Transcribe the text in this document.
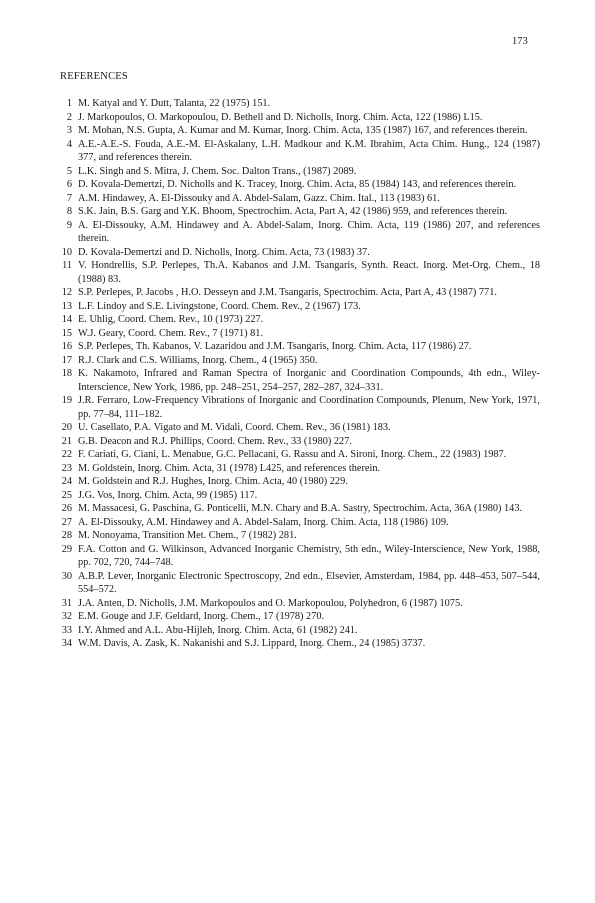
173
REFERENCES
1 M. Katyal and Y. Dutt, Talanta, 22 (1975) 151.
2 J. Markopoulos, O. Markopoulou, D. Bethell and D. Nicholls, Inorg. Chim. Acta, 122 (1986) L15.
3 M. Mohan, N.S. Gupta, A. Kumar and M. Kumar, Inorg. Chim. Acta, 135 (1987) 167, and references therein.
4 A.E.-A.E.-S. Fouda, A.E.-M. El-Askalany, L.H. Madkour and K.M. Ibrahim, Acta Chim. Hung., 124 (1987) 377, and references therein.
5 L.K. Singh and S. Mitra, J. Chem. Soc. Dalton Trans., (1987) 2089.
6 D. Kovala-Demertzi, D. Nicholls and K. Tracey, Inorg. Chim. Acta, 85 (1984) 143, and references therein.
7 A.M. Hindawey, A. El-Dissouky and A. Abdel-Salam, Gazz. Chim. Ital., 113 (1983) 61.
8 S.K. Jain, B.S. Garg and Y.K. Bhoom, Spectrochim. Acta, Part A, 42 (1986) 959, and references therein.
9 A. El-Dissouky, A.M. Hindawey and A. Abdel-Salam, Inorg. Chim. Acta, 119 (1986) 207, and references therein.
10 D. Kovala-Demertzi and D. Nicholls, Inorg. Chim. Acta, 73 (1983) 37.
11 V. Hondrellis, S.P. Perlepes, Th.A. Kabanos and J.M. Tsangaris, Synth. React. Inorg. Met-Org. Chem., 18 (1988) 83.
12 S.P. Perlepes, P. Jacobs , H.O. Desseyn and J.M. Tsangaris, Spectrochim. Acta, Part A, 43 (1987) 771.
13 L.F. Lindoy and S.E. Livingstone, Coord. Chem. Rev., 2 (1967) 173.
14 E. Uhlig, Coord. Chem. Rev., 10 (1973) 227.
15 W.J. Geary, Coord. Chem. Rev., 7 (1971) 81.
16 S.P. Perlepes, Th. Kabanos, V. Lazaridou and J.M. Tsangaris, Inorg. Chim. Acta, 117 (1986) 27.
17 R.J. Clark and C.S. Williams, Inorg. Chem., 4 (1965) 350.
18 K. Nakamoto, Infrared and Raman Spectra of Inorganic and Coordination Compounds, 4th edn., Wiley-Interscience, New York, 1986, pp. 248–251, 254–257, 282–287, 324–331.
19 J.R. Ferraro, Low-Frequency Vibrations of Inorganic and Coordination Compounds, Plenum, New York, 1971, pp. 77–84, 111–182.
20 U. Casellato, P.A. Vigato and M. Vidali, Coord. Chem. Rev., 36 (1981) 183.
21 G.B. Deacon and R.J. Phillips, Coord. Chem. Rev., 33 (1980) 227.
22 F. Cariati, G. Ciani, L. Menabue, G.C. Pellacani, G. Rassu and A. Sironi, Inorg. Chem., 22 (1983) 1987.
23 M. Goldstein, Inorg. Chim. Acta, 31 (1978) L425, and references therein.
24 M. Goldstein and R.J. Hughes, Inorg. Chim. Acta, 40 (1980) 229.
25 J.G. Vos, Inorg. Chim. Acta, 99 (1985) 117.
26 M. Massacesi, G. Paschina, G. Ponticelli, M.N. Chary and B.A. Sastry, Spectrochim. Acta, 36A (1980) 143.
27 A. El-Dissouky, A.M. Hindawey and A. Abdel-Salam, Inorg. Chim. Acta, 118 (1986) 109.
28 M. Nonoyama, Transition Met. Chem., 7 (1982) 281.
29 F.A. Cotton and G. Wilkinson, Advanced Inorganic Chemistry, 5th edn., Wiley-Interscience, New York, 1988, pp. 702, 720, 744–748.
30 A.B.P. Lever, Inorganic Electronic Spectroscopy, 2nd edn., Elsevier, Amsterdam, 1984, pp. 448–453, 507–544, 554–572.
31 J.A. Anten, D. Nicholls, J.M. Markopoulos and O. Markopoulou, Polyhedron, 6 (1987) 1075.
32 E.M. Gouge and J.F. Geldard, Inorg. Chem., 17 (1978) 270.
33 I.Y. Ahmed and A.L. Abu-Hijleh, Inorg. Chim. Acta, 61 (1982) 241.
34 W.M. Davis, A. Zask, K. Nakanishi and S.J. Lippard, Inorg. Chem., 24 (1985) 3737.
